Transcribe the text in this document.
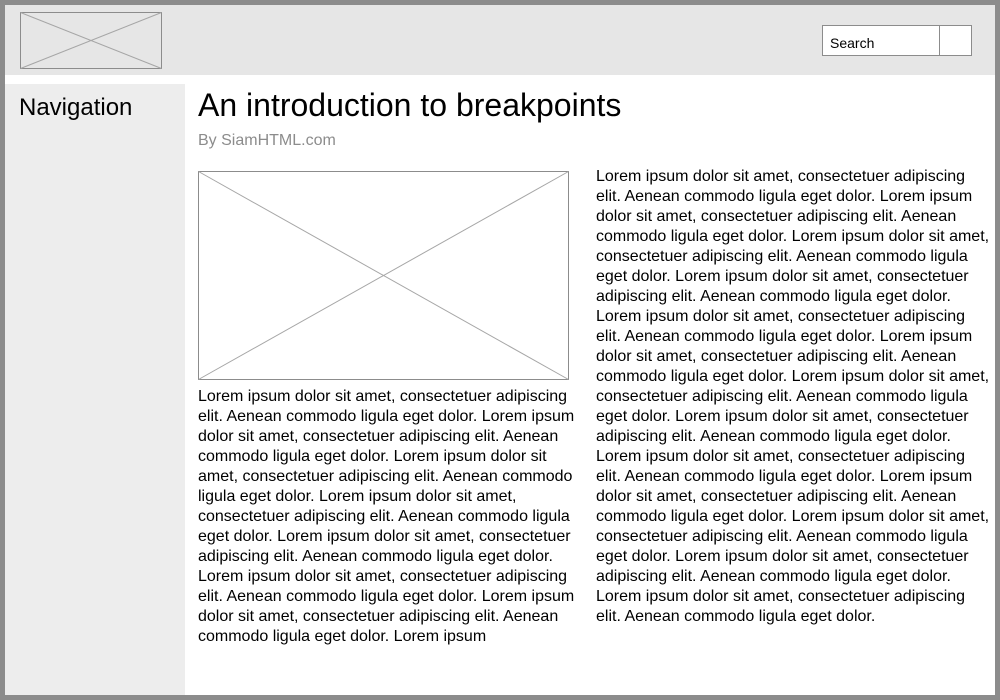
Search
Navigation An introduction to breakpoints

By SiamHTML.com

Lorem ipsum dolor sit amet, consectetuer adipiscing elit. Aenean commodo ligula eget dolor. Lorem ipsum dolor sit amet, consectetuer adipiscing elit. Aenean commodo ligula eget dolor. Lorem ipsum dolor sit amet, consectetuer adipiscing elit. Aenean commodo ligula eget dolor. Lorem ipsum dolor sit amet, consectetuer adipiscing elit. Aenean commodo ligula eget dolor. Lorem ipsum dolor sit amet, consectetuer adipiscing elit. Aenean commodo ligula eget dolor. Lorem ipsum dolor sit amet, consectetuer adipiscing elit. Aenean commodo ligula eget dolor. Lorem ipsum dolor sit amet, consectetuer adipiscing elit. Aenean commodo ligula eget dolor. Lorem ipsum

Lorem ipsum dolor sit amet, consectetuer adipiscing elit. Aenean commodo ligula eget dolor. Lorem ipsum dolor sit amet, consectetuer adipiscing elit. Aenean commodo ligula eget dolor. Lorem ipsum dolor sit amet, consectetuer adipiscing elit. Aenean commodo ligula eget dolor. Lorem ipsum dolor sit amet, consectetuer adipiscing elit. Aenean commodo ligula eget dolor. Lorem ipsum dolor sit amet, consectetuer adipiscing elit. Aenean commodo ligula eget dolor. Lorem ipsum dolor sit amet, consectetuer adipiscing elit. Aenean commodo ligula eget dolor. Lorem ipsum dolor sit amet, consectetuer adipiscing elit. Aenean commodo ligula eget dolor. Lorem ipsum dolor sit amet, consectetuer adipiscing elit. Aenean commodo ligula eget dolor. Lorem ipsum dolor sit amet, consectetuer adipiscing elit. Aenean commodo ligula eget dolor. Lorem ipsum dolor sit amet, consectetuer adipiscing elit. Aenean commodo ligula eget dolor. Lorem ipsum dolor sit amet, consectetuer adipiscing elit. Aenean commodo ligula eget dolor. Lorem ipsum dolor sit amet, consectetuer adipiscing elit. Aenean commodo ligula eget dolor. Lorem ipsum dolor sit amet, consectetuer adipiscing elit. Aenean commodo ligula eget dolor.
